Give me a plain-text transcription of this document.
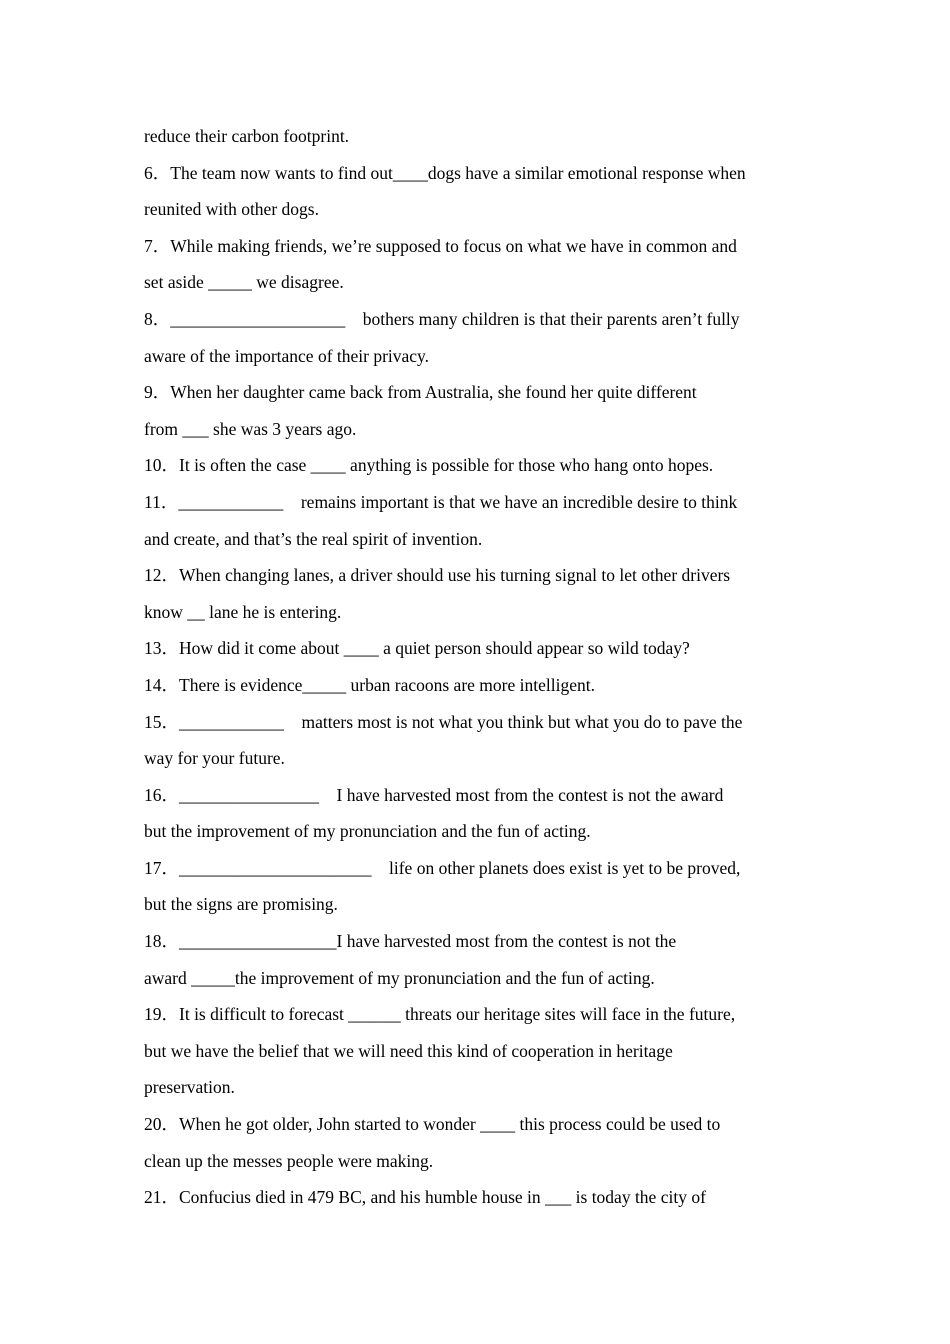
reduce their carbon footprint.
6．The team now wants to find out____dogs have a similar emotional response when
reunited with other dogs.
7．While making friends, we’re supposed to focus on what we have in common and
set aside _____ we disagree.
8．____________________    bothers many children is that their parents aren’t fully
aware of the importance of their privacy.
9．When her daughter came back from Australia, she found her quite different
from ___ she was 3 years ago.
10．It is often the case ____ anything is possible for those who hang onto hopes.
11．____________    remains important is that we have an incredible desire to think
and create, and that’s the real spirit of invention.
12．When changing lanes, a driver should use his turning signal to let other drivers
know __ lane he is entering.
13．How did it come about ____ a quiet person should appear so wild today?
14．There is evidence_____ urban racoons are more intelligent.
15．____________    matters most is not what you think but what you do to pave the
way for your future.
16．________________    I have harvested most from the contest is not the award
but the improvement of my pronunciation and the fun of acting.
17．______________________    life on other planets does exist is yet to be proved,
but the signs are promising.
18．__________________I have harvested most from the contest is not the
award _____the improvement of my pronunciation and the fun of acting.
19．It is difficult to forecast ______ threats our heritage sites will face in the future,
but we have the belief that we will need this kind of cooperation in heritage
preservation.
20．When he got older, John started to wonder ____ this process could be used to
clean up the messes people were making.
21．Confucius died in 479 BC, and his humble house in ___ is today the city of
